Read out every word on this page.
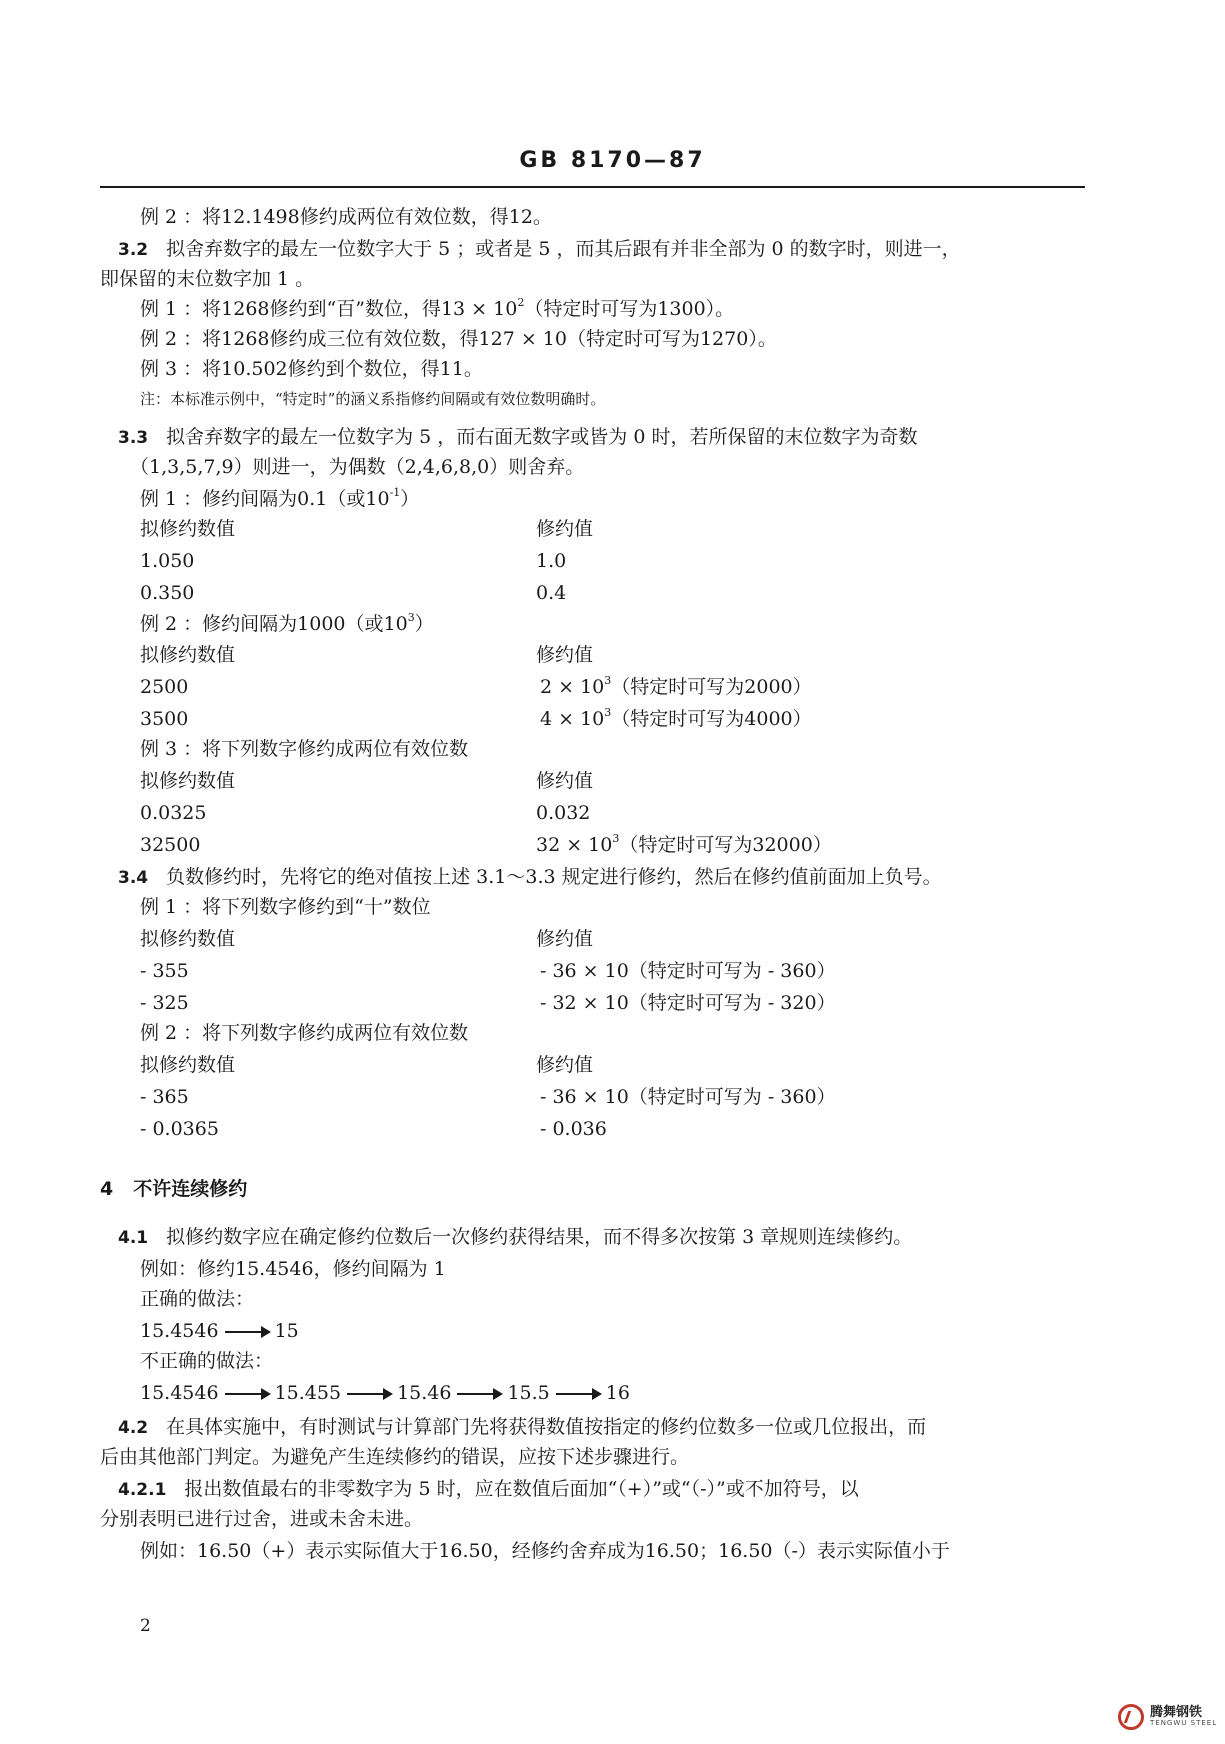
GB 8170—87
例 2 ：将12.1498修约成两位有效位数，得12。
3.2 拟舍弃数字的最左一位数字大于 5 ；或者是 5 ，而其后跟有并非全部为 0 的数字时，则进一，
即保留的末位数字加 1 。
例 1 ：将1268修约到“百”数位，得$13 \times 10^2$（特定时可写为1300）。
例 2 ：将1268修约成三位有效位数，得127 × 10（特定时可写为1270）。
例 3 ：将10.502修约到个数位，得11。
注：本标准示例中，“特定时”的涵义系指修约间隔或有效位数明确时。
3.3 拟舍弃数字的最左一位数字为 5 ，而右面无数字或皆为 0 时，若所保留的末位数字为奇数
（1,3,5,7,9）则进一，为偶数（2,4,6,8,0）则舍弃。
例 1 ：修约间隔为0.1（或$10^{-1}$）
拟修约数值	修约值
1.050	1.0
0.350	0.4
例 2 ：修约间隔为1000（或$10^3$）
拟修约数值	修约值
2500	$2 \times 10^3$（特定时可写为2000）
3500	$4 \times 10^3$（特定时可写为4000）
例 3 ：将下列数字修约成两位有效位数
拟修约数值	修约值
0.0325	0.032
32500	$32 \times 10^3$（特定时可写为32000）
3.4 负数修约时，先将它的绝对值按上述 3.1～3.3 规定进行修约，然后在修约值前面加上负号。
例 1 ：将下列数字修约到“十”数位
拟修约数值	修约值
- 355	- 36 × 10（特定时可写为 - 360）
- 325	- 32 × 10（特定时可写为 - 320）
例 2 ：将下列数字修约成两位有效位数
拟修约数值	修约值
- 365	- 36 × 10（特定时可写为 - 360）
- 0.0365	- 0.036
4 不许连续修约
4.1 拟修约数字应在确定修约位数后一次修约获得结果，而不得多次按第 3 章规则连续修约。
例如：修约15.4546，修约间隔为 1
正确的做法：
15.4546	15
不正确的做法：
15.4546	15.455	15.46	15.5	16
4.2 在具体实施中，有时测试与计算部门先将获得数值按指定的修约位数多一位或几位报出，而
后由其他部门判定。为避免产生连续修约的错误，应按下述步骤进行。
4.2.1 报出数值最右的非零数字为 5 时，应在数值后面加“（+）”或“（-）”或不加符号，以
分别表明已进行过舍，进或未舍未进。
例如：16.50（+）表示实际值大于16.50，经修约舍弃成为16.50；16.50（-）表示实际值小于
2
腾舞钢铁
TENGWU STEEL
